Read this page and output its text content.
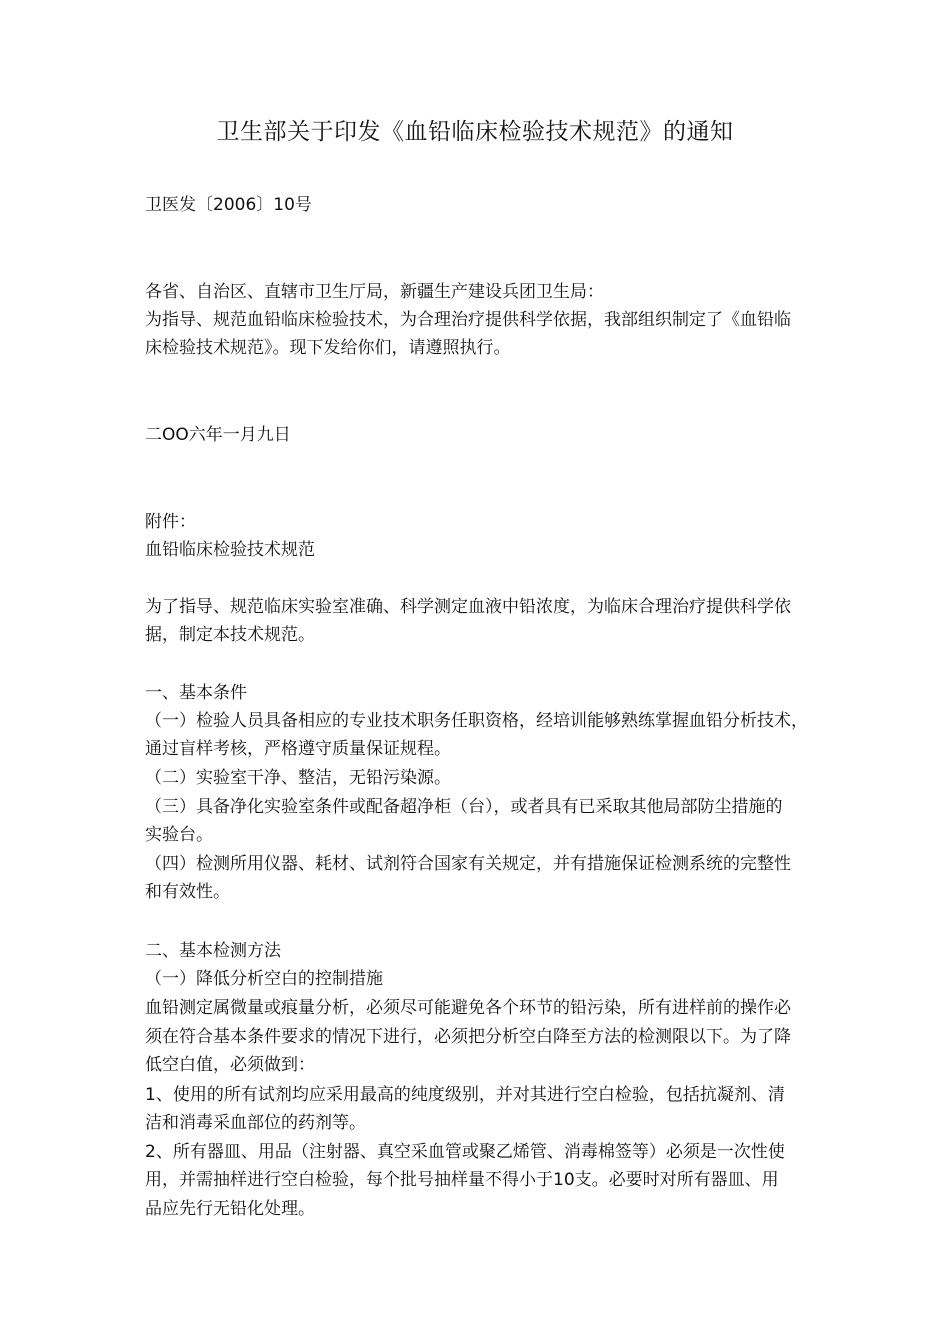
卫生部关于印发《血铅临床检验技术规范》的通知
卫医发〔2006〕10号
各省、自治区、直辖市卫生厅局，新疆生产建设兵团卫生局：
为指导、规范血铅临床检验技术，为合理治疗提供科学依据，我部组织制定了《血铅临
床检验技术规范》。现下发给你们，请遵照执行。
二OO六年一月九日
附件：
血铅临床检验技术规范
为了指导、规范临床实验室准确、科学测定血液中铅浓度，为临床合理治疗提供科学依
据，制定本技术规范。
一、基本条件
（一）检验人员具备相应的专业技术职务任职资格，经培训能够熟练掌握血铅分析技术，
通过盲样考核，严格遵守质量保证规程。
（二）实验室干净、整洁，无铅污染源。
（三）具备净化实验室条件或配备超净柜（台），或者具有已采取其他局部防尘措施的
实验台。
（四）检测所用仪器、耗材、试剂符合国家有关规定，并有措施保证检测系统的完整性
和有效性。
二、基本检测方法
（一）降低分析空白的控制措施
血铅测定属微量或痕量分析，必须尽可能避免各个环节的铅污染，所有进样前的操作必
须在符合基本条件要求的情况下进行，必须把分析空白降至方法的检测限以下。为了降
低空白值，必须做到：
1、使用的所有试剂均应采用最高的纯度级别，并对其进行空白检验，包括抗凝剂、清
洁和消毒采血部位的药剂等。
2、所有器皿、用品（注射器、真空采血管或聚乙烯管、消毒棉签等）必须是一次性使
用，并需抽样进行空白检验，每个批号抽样量不得小于10支。必要时对所有器皿、用
品应先行无铅化处理。
